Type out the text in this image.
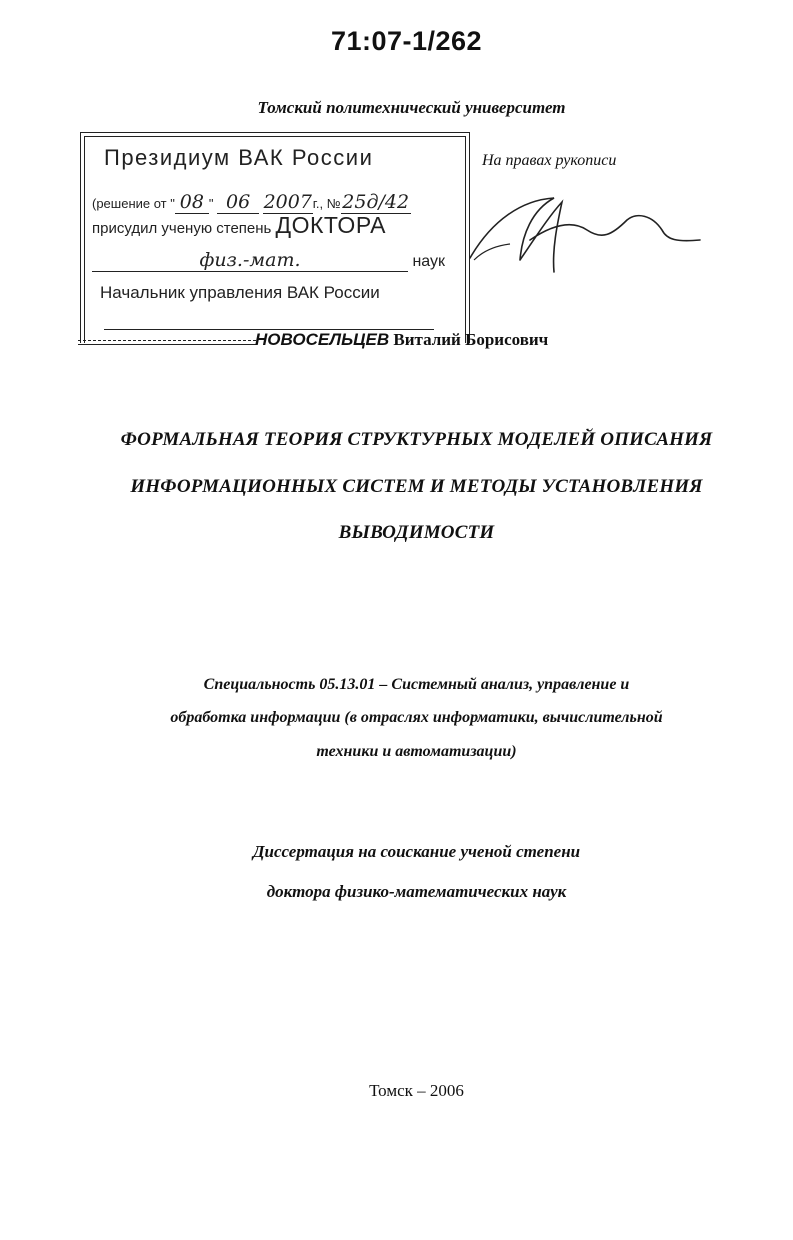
71:07-1/262
Томский политехнический университет
Президиум ВАК России
(решение от " 08 " 06 2007г., №25д/42
присудил ученую степень ДОКТОРА
физ.-мат.	наук
Начальник управления ВАК России
На правах рукописи
НОВОСЕЛЬЦЕВ Виталий Борисович
ФОРМАЛЬНАЯ ТЕОРИЯ СТРУКТУРНЫХ МОДЕЛЕЙ ОПИСАНИЯ
ИНФОРМАЦИОННЫХ СИСТЕМ И МЕТОДЫ УСТАНОВЛЕНИЯ
ВЫВОДИМОСТИ
Специальность 05.13.01 – Системный анализ, управление и
обработка информации (в отраслях информатики, вычислительной
техники и автоматизации)
Диссертация на соискание ученой степени
доктора физико-математических наук
Томск – 2006
